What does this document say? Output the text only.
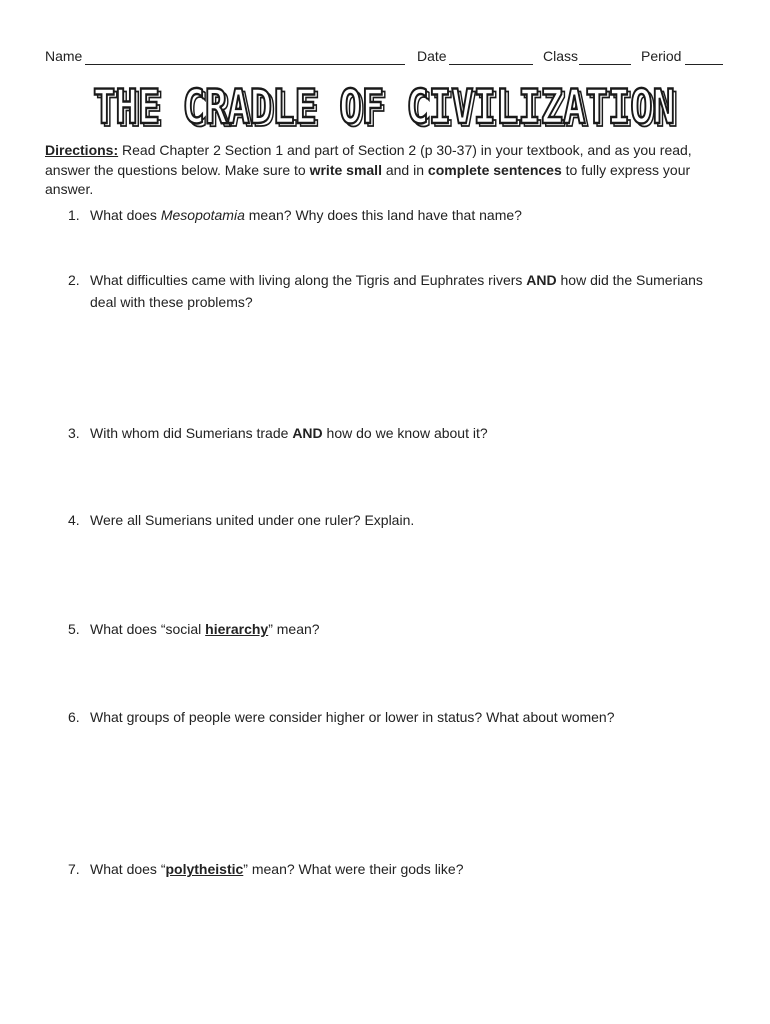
Name	Date	Class	Period
THE CRADLE OF CIVILIZATION
THE CRADLE OF CIVILIZATION
Directions: Read Chapter 2 Section 1 and part of Section 2 (p 30-37) in your textbook, and as you read, answer the questions below. Make sure to write small and in complete sentences to fully express your answer.
1. What does Mesopotamia mean? Why does this land have that name?
2. What difficulties came with living along the Tigris and Euphrates rivers AND how did the Sumerians deal with these problems?
3. With whom did Sumerians trade AND how do we know about it?
4. Were all Sumerians united under one ruler? Explain.
5. What does “social hierarchy” mean?
6. What groups of people were consider higher or lower in status? What about women?
7. What does “polytheistic” mean? What were their gods like?
